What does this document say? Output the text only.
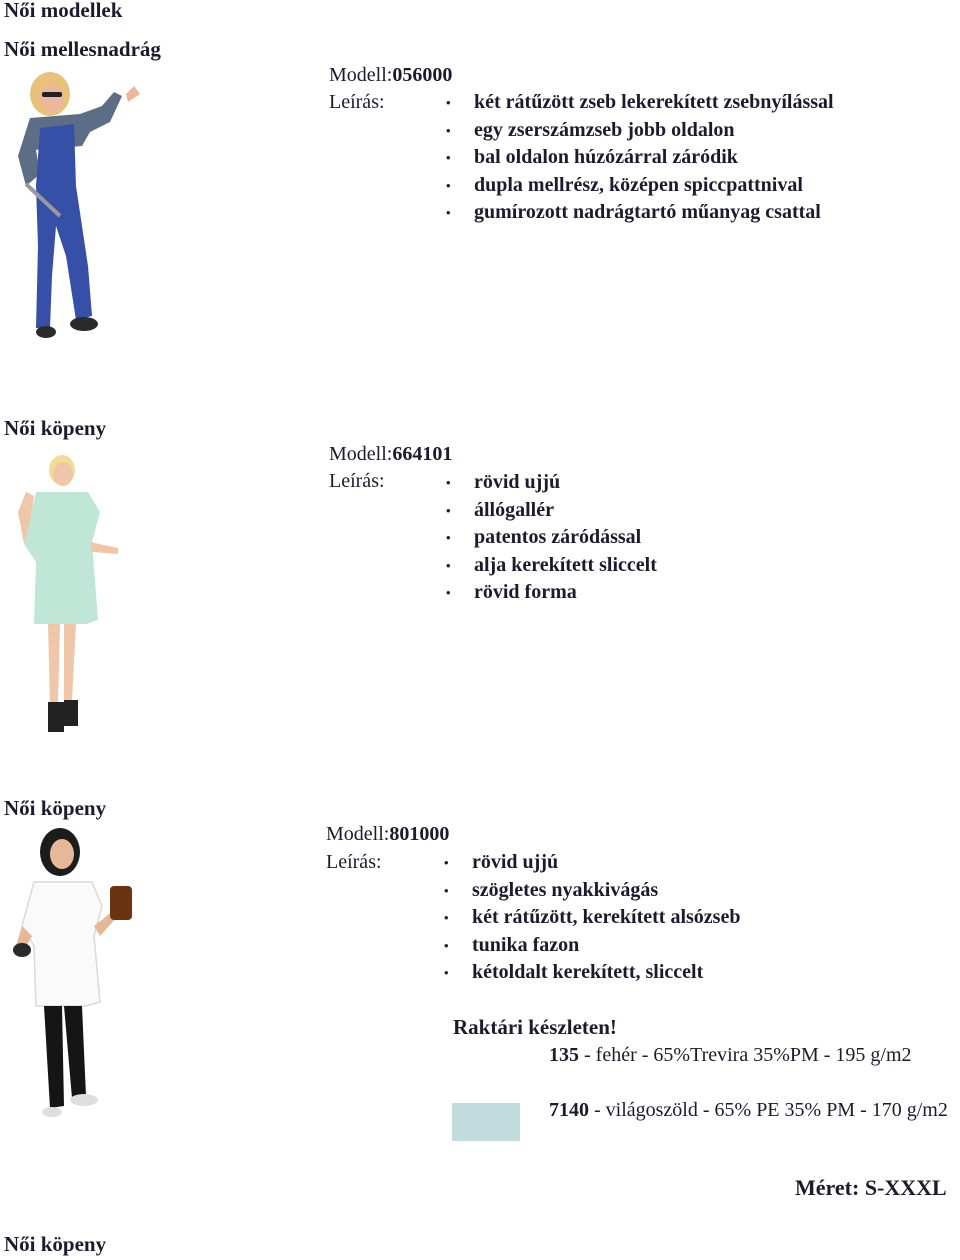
Női modellek
Női mellesnadrág
Modell:056000
Leírás:	• két rátűzött zseb lekerekített zsebnyílással
• egy zserszámzseb jobb oldalon
• bal oldalon húzózárral záródik
• dupla mellrész, középen spiccpattnival
• gumírozott nadrágtartó műanyag csattal
Női köpeny
Modell:664101
Leírás:	• rövid ujjú
• állógallér
• patentos záródással
• alja kerekített sliccelt
• rövid forma
Női köpeny
Modell:801000
Leírás:	• rövid ujjú
• szögletes nyakkivágás
• két rátűzött, kerekített alsózseb
• tunika fazon
• kétoldalt kerekített, sliccelt
Raktári készleten!
135 - fehér - 65%Trevira 35%PM - 195 g/m2
7140 - világoszöld - 65% PE 35% PM - 170 g/m2
Méret: S-XXXL
Női köpeny
